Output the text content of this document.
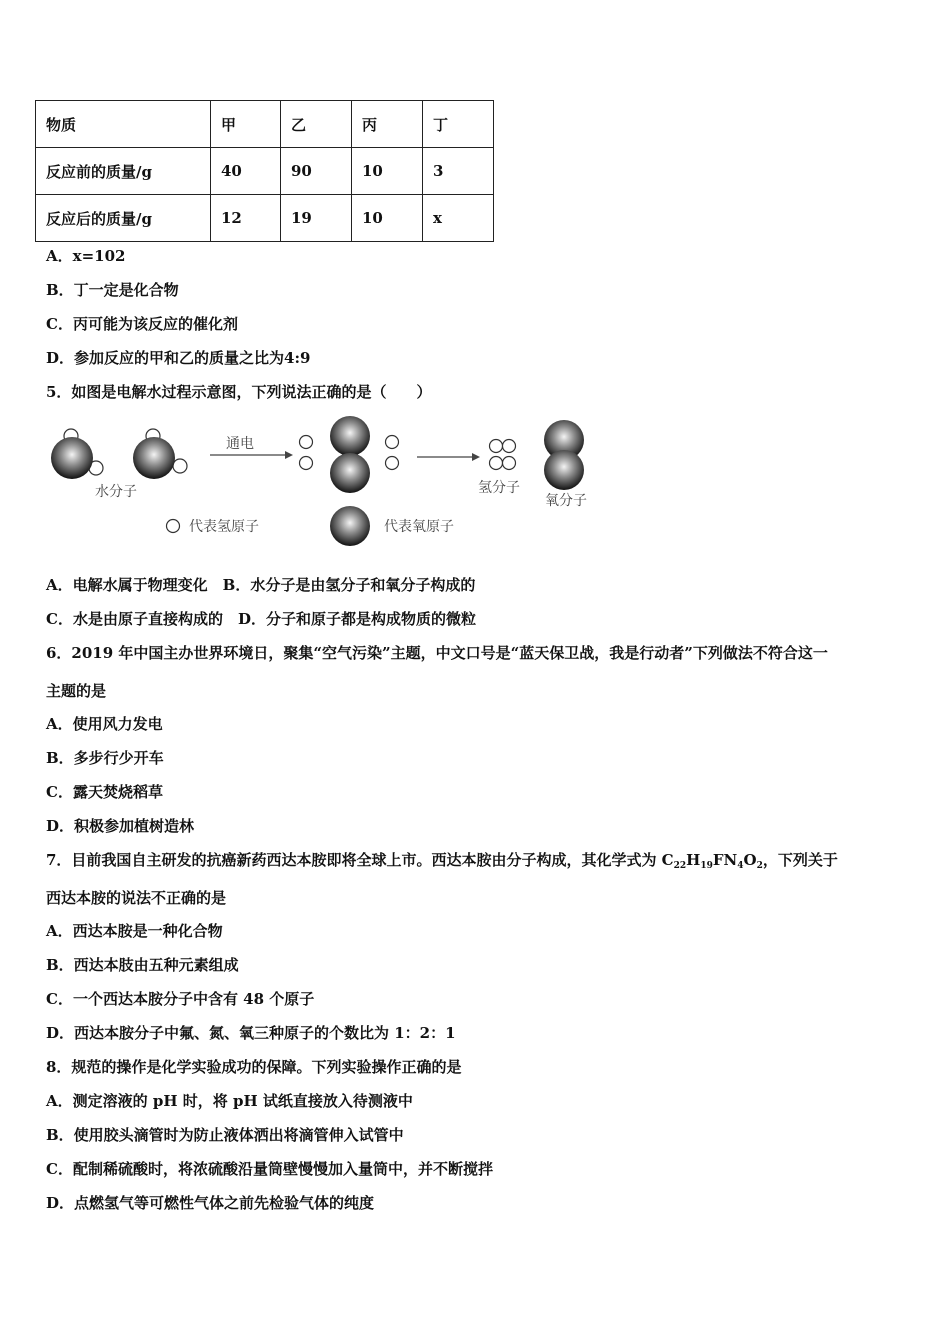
物质	甲	乙	丙	丁
反应前的质量/g	40	90	10	3
反应后的质量/g	12	19	10	x
A．x=102
B．丁一定是化合物
C．丙可能为该反应的催化剂
D．参加反应的甲和乙的质量之比为4:9
5．如图是电解水过程示意图，下列说法正确的是（　　）
水分子
通电
氢分子
氧分子
代表氢原子	代表氧原子
A．电解水属于物理变化　B．水分子是由氢分子和氧分子构成的
C．水是由原子直接构成的　D．分子和原子都是构成物质的微粒
6．2019 年中国主办世界环境日，聚集“空气污染”主题，中文口号是“蓝天保卫战，我是行动者”下列做法不符合这一
主题的是
A．使用风力发电
B．多步行少开车
C．露天焚烧稻草
D．积极参加植树造林
7．目前我国自主研发的抗癌新药西达本胺即将全球上市。西达本胺由分子构成，其化学式为 $C_{22}H_{19}FN_4O_2$，下列关于
西达本胺的说法不正确的是
A．西达本胺是一种化合物
B．西达本肢由五种元素组成
C．一个西达本胺分子中含有 48 个原子
D．西达本胺分子中氟、氮、氧三种原子的个数比为 1：2：1
8．规范的操作是化学实验成功的保障。下列实验操作正确的是
A．测定溶液的 pH 时，将 pH 试纸直接放入待测液中
B．使用胶头滴管时为防止液体洒出将滴管伸入试管中
C．配制稀硫酸时，将浓硫酸沿量筒壁慢慢加入量筒中，并不断搅拌
D．点燃氢气等可燃性气体之前先检验气体的纯度
